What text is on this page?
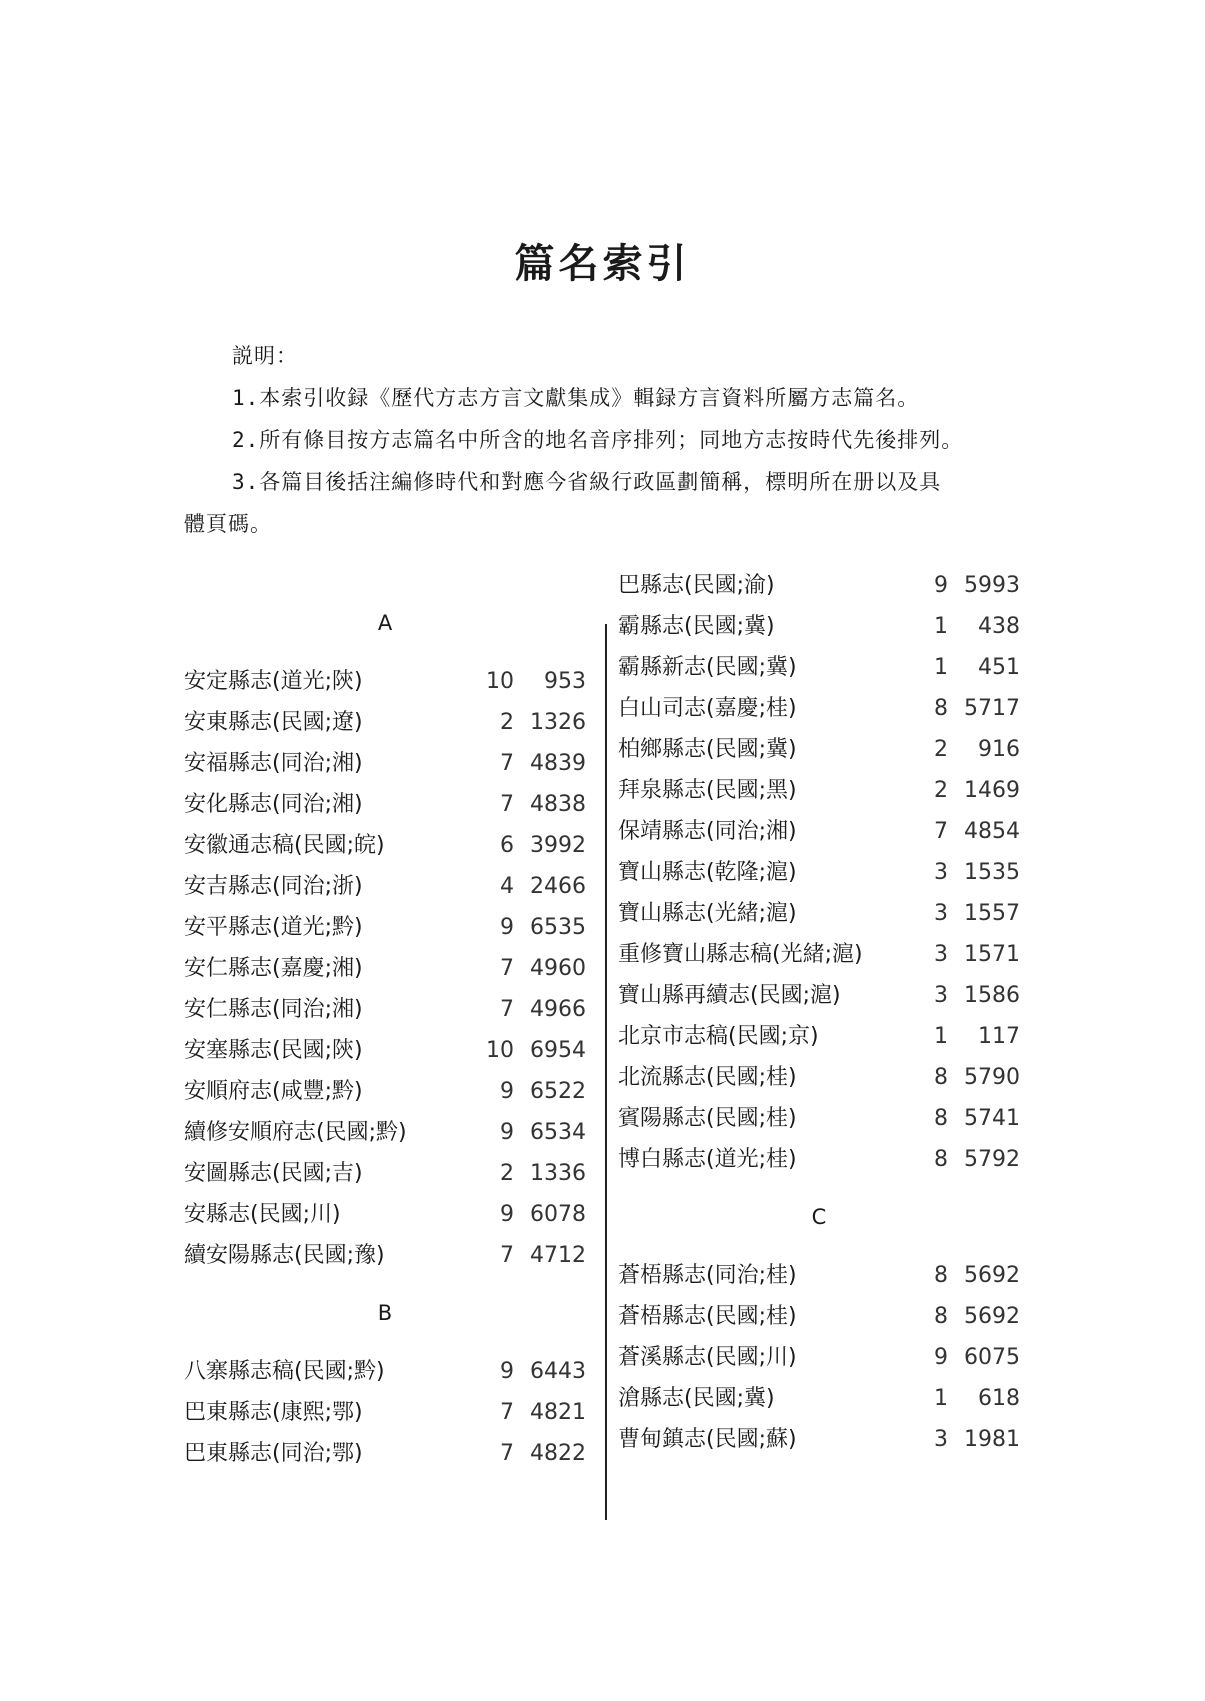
篇名索引

説明：

1.本索引收録《歷代方志方言文獻集成》輯録方言資料所屬方志篇名。

2.所有條目按方志篇名中所含的地名音序排列；同地方志按時代先後排列。

3.各篇目後括注編修時代和對應今省級行政區劃簡稱，標明所在册以及具

體頁碼。

A
安定縣志(道光;陝)	10 953
安東縣志(民國;遼)	2 1326
安福縣志(同治;湘)	7 4839
安化縣志(同治;湘)	7 4838
安徽通志稿(民國;皖)	6 3992
安吉縣志(同治;浙)	4 2466
安平縣志(道光;黔)	9 6535
安仁縣志(嘉慶;湘)	7 4960
安仁縣志(同治;湘)	7 4966
安塞縣志(民國;陝)	10 6954
安順府志(咸豐;黔)	9 6522
續修安順府志(民國;黔)	9 6534
安圖縣志(民國;吉)	2 1336
安縣志(民國;川)	9 6078
續安陽縣志(民國;豫)	7 4712
B
八寨縣志稿(民國;黔)	9 6443
巴東縣志(康熙;鄂)	7 4821
巴東縣志(同治;鄂)	7 4822
巴縣志(民國;渝)	9 5993
霸縣志(民國;冀)	1 438
霸縣新志(民國;冀)	1 451
白山司志(嘉慶;桂)	8 5717
柏鄉縣志(民國;冀)	2 916
拜泉縣志(民國;黑)	2 1469
保靖縣志(同治;湘)	7 4854
寶山縣志(乾隆;滬)	3 1535
寶山縣志(光緒;滬)	3 1557
重修寶山縣志稿(光緒;滬)	3 1571
寶山縣再續志(民國;滬)	3 1586
北京市志稿(民國;京)	1 117
北流縣志(民國;桂)	8 5790
賓陽縣志(民國;桂)	8 5741
博白縣志(道光;桂)	8 5792
C
蒼梧縣志(同治;桂)	8 5692
蒼梧縣志(民國;桂)	8 5692
蒼溪縣志(民國;川)	9 6075
滄縣志(民國;冀)	1 618
曹甸鎮志(民國;蘇)	3 1981
